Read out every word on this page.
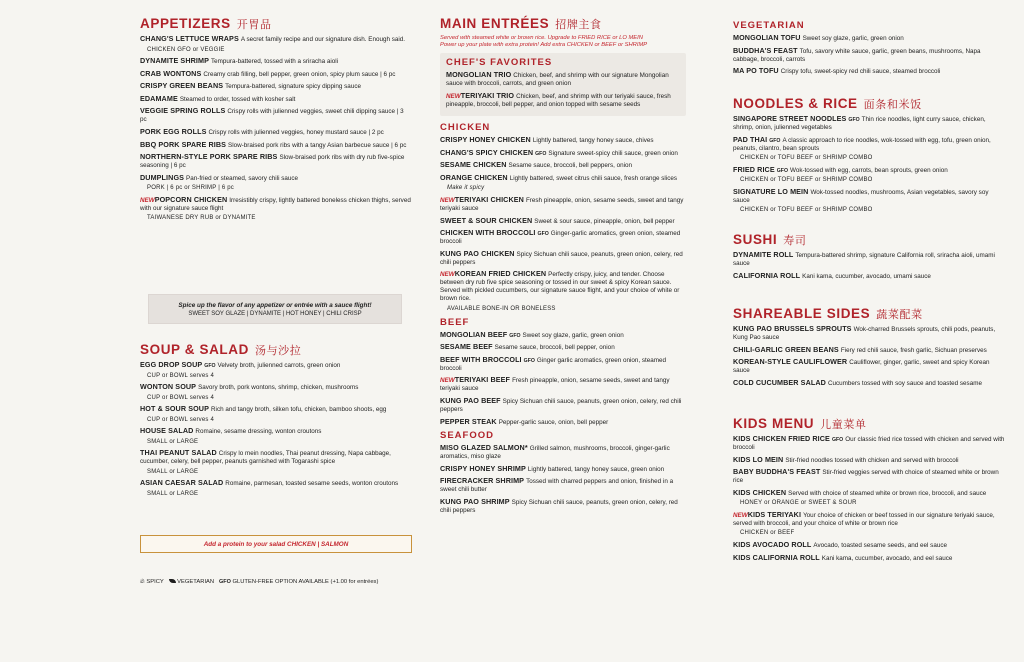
APPETIZERS 开胃品
CHANG'S LETTUCE WRAPS A secret family recipe and our signature dish. Enough said.
CHICKEN GFO or VEGGIE
DYNAMITE SHRIMP Tempura-battered, tossed with a sriracha aioli
CRAB WONTONS Creamy crab filling, bell pepper, green onion, spicy plum sauce | 6 pc
CRISPY GREEN BEANS Tempura-battered, signature spicy dipping sauce
EDAMAME Steamed to order, tossed with kosher salt
VEGGIE SPRING ROLLS Crispy rolls with julienned veggies, sweet chili dipping sauce | 3 pc
PORK EGG ROLLS Crispy rolls with julienned veggies, honey mustard sauce | 2 pc
BBQ PORK SPARE RIBS Slow-braised pork ribs with a tangy Asian barbecue sauce | 6 pc
NORTHERN-STYLE PORK SPARE RIBS Slow-braised pork ribs with dry rub five-spice seasoning | 6 pc
DUMPLINGS Pan-fried or steamed, savory chili sauce
PORK | 6 pc or SHRIMP | 6 pc
NEWPOPCORN CHICKEN Irresistibly crispy, lightly battered boneless chicken thighs, served with our signature sauce flight
TAIWANESE DRY RUB or DYNAMITE
Spice up the flavor of any appetizer or entrée with a sauce flight!
SWEET SOY GLAZE | DYNAMITE | HOT HONEY | CHILI CRISP
SOUP & SALAD 汤与沙拉
EGG DROP SOUP GFO Velvety broth, julienned carrots, green onion
CUP or BOWL serves 4
WONTON SOUP Savory broth, pork wontons, shrimp, chicken, mushrooms
CUP or BOWL serves 4
HOT & SOUR SOUP Rich and tangy broth, silken tofu, chicken, bamboo shoots, egg
CUP or BOWL serves 4
HOUSE SALAD Romaine, sesame dressing, wonton croutons
SMALL or LARGE
THAI PEANUT SALAD Crispy lo mein noodles, Thai peanut dressing, Napa cabbage, cucumber, celery, bell pepper, peanuts garnished with Togarashi spice
SMALL or LARGE
ASIAN CAESAR SALAD Romaine, parmesan, toasted sesame seeds, wonton croutons
SMALL or LARGE
Add a protein to your salad CHICKEN | SALMON
🔥︎ SPICY VEGETARIAN GFO GLUTEN-FREE OPTION AVAILABLE (+1.00 for entrées)
MAIN ENTRÉES 招牌主食
Served with steamed white or brown rice. Upgrade to FRIED RICE or LO MEIN
Power up your plate with extra protein! Add extra CHICKEN or BEEF or SHRIMP
CHEF'S FAVORITES
MONGOLIAN TRIO Chicken, beef, and shrimp with our signature Mongolian sauce with broccoli, carrots, and green onion
NEWTERIYAKI TRIO Chicken, beef, and shrimp with our teriyaki sauce, fresh pineapple, broccoli, bell pepper, and onion topped with sesame seeds
CHICKEN
CRISPY HONEY CHICKEN Lightly battered, tangy honey sauce, chives
CHANG'S SPICY CHICKEN GFO Signature sweet-spicy chili sauce, green onion
SESAME CHICKEN Sesame sauce, broccoli, bell peppers, onion
ORANGE CHICKEN Lightly battered, sweet citrus chili sauce, fresh orange slices
Make it spicy
NEWTERIYAKI CHICKEN Fresh pineapple, onion, sesame seeds, sweet and tangy teriyaki sauce
SWEET & SOUR CHICKEN Sweet & sour sauce, pineapple, onion, bell pepper
CHICKEN WITH BROCCOLI GFO Ginger-garlic aromatics, green onion, steamed broccoli
KUNG PAO CHICKEN Spicy Sichuan chili sauce, peanuts, green onion, celery, red chili peppers
NEWKOREAN FRIED CHICKEN Perfectly crispy, juicy, and tender. Choose between dry rub five spice seasoning or tossed in our sweet & spicy Korean sauce. Served with pickled cucumbers, our signature sauce flight, and your choice of white or brown rice.
AVAILABLE BONE-IN OR BONELESS
BEEF
MONGOLIAN BEEF GFO Sweet soy glaze, garlic, green onion
SESAME BEEF Sesame sauce, broccoli, bell pepper, onion
BEEF WITH BROCCOLI GFO Ginger garlic aromatics, green onion, steamed broccoli
NEWTERIYAKI BEEF Fresh pineapple, onion, sesame seeds, sweet and tangy teriyaki sauce
KUNG PAO BEEF Spicy Sichuan chili sauce, peanuts, green onion, celery, red chili peppers
PEPPER STEAK Pepper-garlic sauce, onion, bell pepper
SEAFOOD
MISO GLAZED SALMON* Grilled salmon, mushrooms, broccoli, ginger-garlic aromatics, miso glaze
CRISPY HONEY SHRIMP Lightly battered, tangy honey sauce, green onion
FIRECRACKER SHRIMP Tossed with charred peppers and onion, finished in a sweet chili butter
KUNG PAO SHRIMP Spicy Sichuan chili sauce, peanuts, green onion, celery, red chili peppers
VEGETARIAN
MONGOLIAN TOFU Sweet soy glaze, garlic, green onion
BUDDHA'S FEAST Tofu, savory white sauce, garlic, green beans, mushrooms, Napa cabbage, broccoli, carrots
MA PO TOFU Crispy tofu, sweet-spicy red chili sauce, steamed broccoli
NOODLES & RICE 面条和米饭
SINGAPORE STREET NOODLES GFO Thin rice noodles, light curry sauce, chicken, shrimp, onion, julienned vegetables
PAD THAI GFO A classic approach to rice noodles, wok-tossed with egg, tofu, green onion, peanuts, cilantro, bean sprouts
CHICKEN or TOFU BEEF or SHRIMP COMBO
FRIED RICE GFO Wok-tossed with egg, carrots, bean sprouts, green onion
CHICKEN or TOFU BEEF or SHRIMP COMBO
SIGNATURE LO MEIN Wok-tossed noodles, mushrooms, Asian vegetables, savory soy sauce
CHICKEN or TOFU BEEF or SHRIMP COMBO
SUSHI 寿司
DYNAMITE ROLL Tempura-battered shrimp, signature California roll, sriracha aioli, umami sauce
CALIFORNIA ROLL Kani kama, cucumber, avocado, umami sauce
SHAREABLE SIDES 蔬菜配菜
KUNG PAO BRUSSELS SPROUTS Wok-charred Brussels sprouts, chili pods, peanuts, Kung Pao sauce
CHILI-GARLIC GREEN BEANS Fiery red chili sauce, fresh garlic, Sichuan preserves
KOREAN-STYLE CAULIFLOWER Cauliflower, ginger, garlic, sweet and spicy Korean sauce
COLD CUCUMBER SALAD Cucumbers tossed with soy sauce and toasted sesame
KIDS MENU 儿童菜单
KIDS CHICKEN FRIED RICE GFO Our classic fried rice tossed with chicken and served with broccoli
KIDS LO MEIN Stir-fried noodles tossed with chicken and served with broccoli
BABY BUDDHA'S FEAST Stir-fried veggies served with choice of steamed white or brown rice
KIDS CHICKEN Served with choice of steamed white or brown rice, broccoli, and sauce
HONEY or ORANGE or SWEET & SOUR
NEWKIDS TERIYAKI Your choice of chicken or beef tossed in our signature teriyaki sauce, served with broccoli, and your choice of white or brown rice
CHICKEN or BEEF
KIDS AVOCADO ROLL Avocado, toasted sesame seeds, and eel sauce
KIDS CALIFORNIA ROLL Kani kama, cucumber, avocado, and eel sauce
